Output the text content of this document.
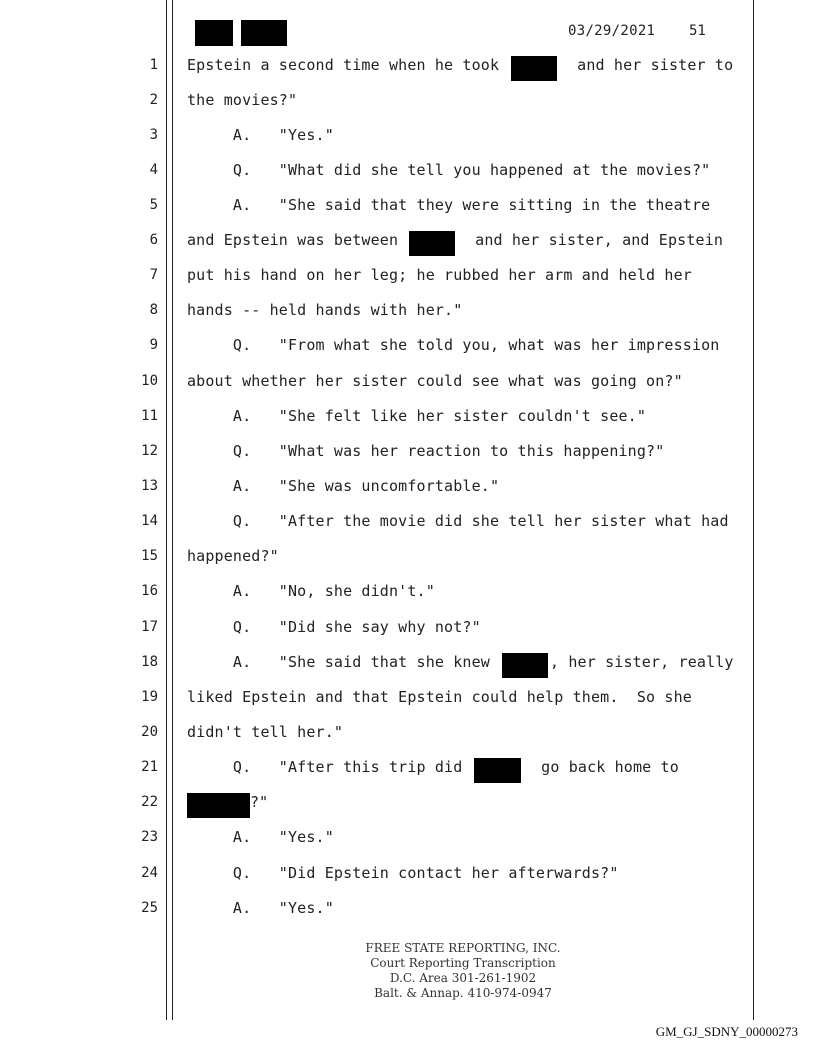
03/29/2021 51
1 Epstein a second time when he took	and her sister to
2 the movies?"
3 A.   "Yes."
4 Q.   "What did she tell you happened at the movies?"
5 A.   "She said that they were sitting in the theatre
6 and Epstein was between	and her sister, and Epstein
7 put his hand on her leg; he rubbed her arm and held her
8 hands -- held hands with her."
9 Q.   "From what she told you, what was her impression
10 about whether her sister could see what was going on?"
11 A.   "She felt like her sister couldn't see."
12 Q.   "What was her reaction to this happening?"
13 A.   "She was uncomfortable."
14 Q.   "After the movie did she tell her sister what had
15 happened?"
16 A.   "No, she didn't."
17 Q.   "Did she say why not?"
18 A.   "She said that she knew	, her sister, really
19 liked Epstein and that Epstein could help them.  So she
20 didn't tell her."
21 Q.   "After this trip did	go back home to
22	?"
23 A.   "Yes."
24 Q.   "Did Epstein contact her afterwards?"
25 A.   "Yes."
FREE STATE REPORTING, INC.
Court Reporting Transcription
D.C. Area 301-261-1902
Balt. & Annap. 410-974-0947
GM_GJ_SDNY_00000273
